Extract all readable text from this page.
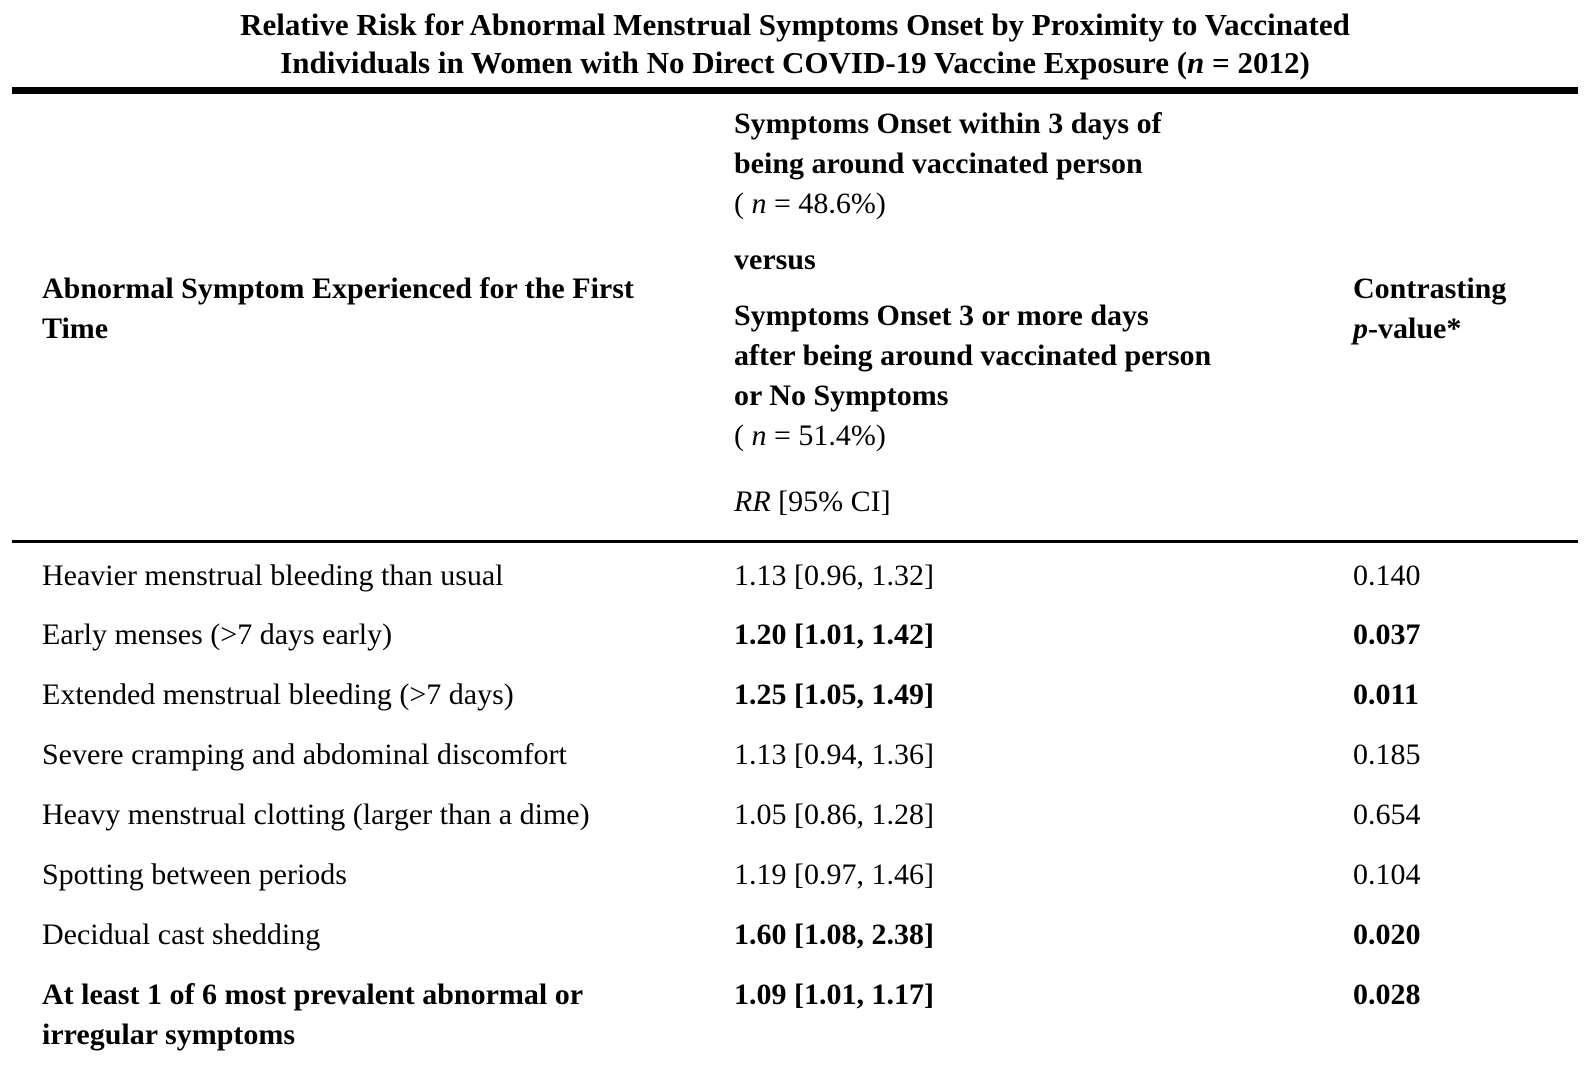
Relative Risk for Abnormal Menstrual Symptoms Onset by Proximity to Vaccinated
Individuals in Women with No Direct COVID-19 Vaccine Exposure (n = 2012)		

Abnormal Symptom Experienced for the First Time

Symptoms Onset within 3 days of
being around vaccinated person
( n = 48.6%)
versus
Symptoms Onset 3 or more days
after being around vaccinated person
or No Symptoms
( n = 51.4%)
RR [95% CI]

Contrasting
p-value*

Heavier menstrual bleeding than usual	1.13 [0.96, 1.32]	0.140
Early menses (>7 days early)	1.20 [1.01, 1.42]	0.037
Extended menstrual bleeding (>7 days)	1.25 [1.05, 1.49]	0.011
Severe cramping and abdominal discomfort	1.13 [0.94, 1.36]	0.185
Heavy menstrual clotting (larger than a dime)	1.05 [0.86, 1.28]	0.654
Spotting between periods	1.19 [0.97, 1.46]	0.104
Decidual cast shedding	1.60 [1.08, 2.38]	0.020
At least 1 of 6 most prevalent abnormal or irregular symptoms	1.09 [1.01, 1.17]	0.028
